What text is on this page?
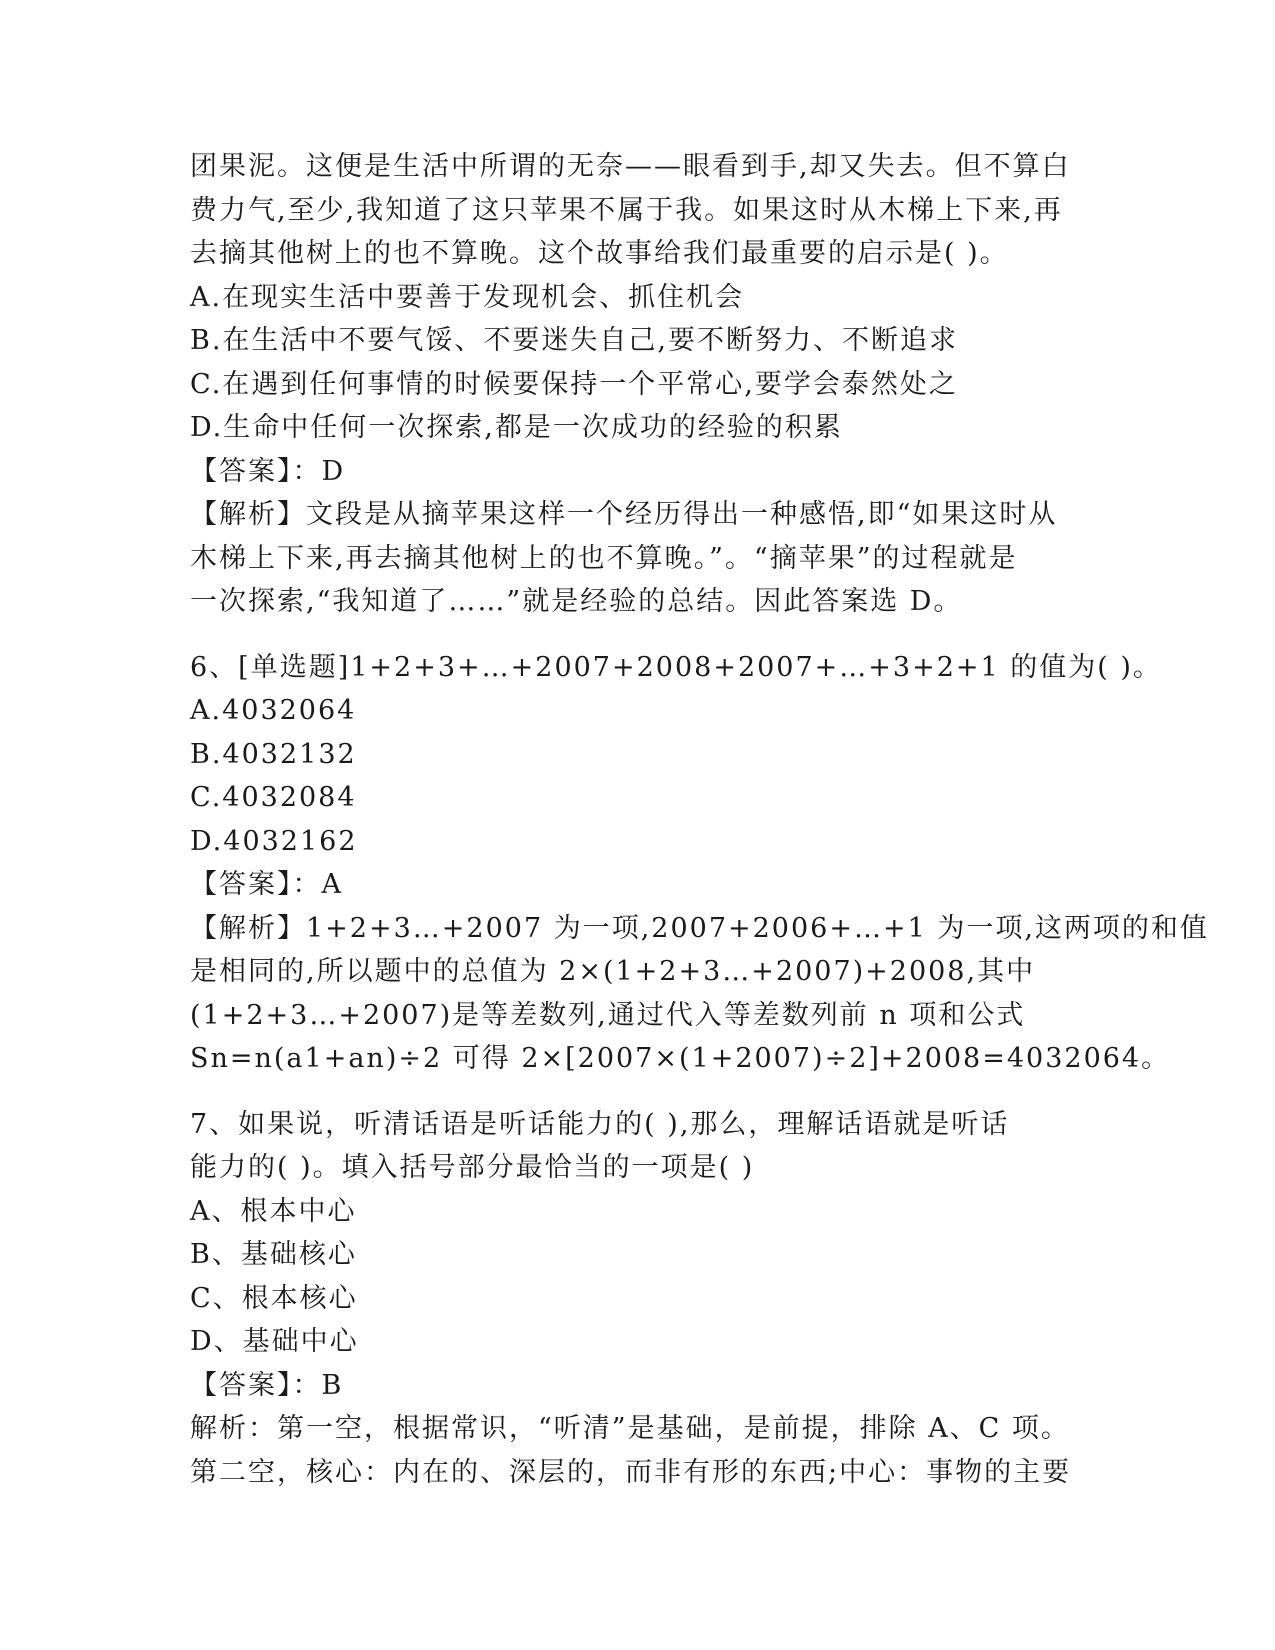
团果泥。这便是生活中所谓的无奈——眼看到手,却又失去。但不算白
费力气,至少,我知道了这只苹果不属于我。如果这时从木梯上下来,再
去摘其他树上的也不算晚。这个故事给我们最重要的启示是( )。
A.在现实生活中要善于发现机会、抓住机会
B.在生活中不要气馁、不要迷失自己,要不断努力、不断追求
C.在遇到任何事情的时候要保持一个平常心,要学会泰然处之
D.生命中任何一次探索,都是一次成功的经验的积累
【答案】：D
【解析】文段是从摘苹果这样一个经历得出一种感悟,即“如果这时从
木梯上下来,再去摘其他树上的也不算晚。”。“摘苹果”的过程就是
一次探索,“我知道了……”就是经验的总结。因此答案选 D。
6、[单选题]1+2+3+…+2007+2008+2007+…+3+2+1 的值为( )。
A.4032064
B.4032132
C.4032084
D.4032162
【答案】：A
【解析】1+2+3…+2007 为一项,2007+2006+…+1 为一项,这两项的和值
是相同的,所以题中的总值为 2×(1+2+3…+2007)+2008,其中
(1+2+3…+2007)是等差数列,通过代入等差数列前 n 项和公式
Sn=n(a1+an)÷2 可得 2×[2007×(1+2007)÷2]+2008=4032064。
7、如果说，听清话语是听话能力的( ),那么，理解话语就是听话
能力的( )。填入括号部分最恰当的一项是( )
A、根本中心
B、基础核心
C、根本核心
D、基础中心
【答案】：B
解析：第一空，根据常识，“听清”是基础，是前提，排除 A、C 项。
第二空，核心：内在的、深层的，而非有形的东西;中心：事物的主要
